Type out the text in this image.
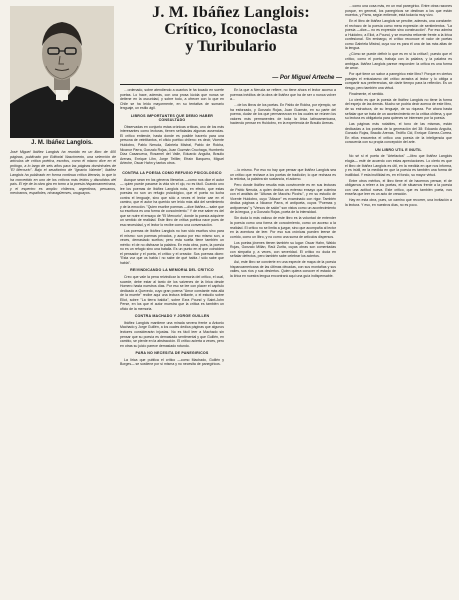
J. M. Ibáñez Langlois.
José Miguel Ibáñez Langlois ha reunido en un libro de 400 páginas, publicado por Editorial Nascimento, una selección de artículos de crítica poética, escritos, como él mismo dice en el prólogo, a lo largo de seis años para las páginas dominicales de "El Mercurio". Bajo el seudónimo de "Ignacio Valente", Ibáñez Langlois ha publicado en forma continua crítica literaria, lo que lo ha convertido en uno de los críticos más leídos y discutidos del país. El eje de la obra gira en torno a la poesía hispanoamericana, y el espectro es amplio: chilenos, argentinos, peruanos, mexicanos, españoles, nicaragüenses, uruguayos.
J. M. Ibáñez Langlois:
Crítico, Iconoclasta
y Turibulario
— Por Miguel Arteche —

…ordenado, sobre atendiendo a cuantos le ha tocado en suerte poetas. Lo hace, además, con una prosa lúcida que nunca se detiene en la oscuridad, y sobre todo, a ofrecer con lo que en Chile se ha leído mayormente, en su tentativa de sumario lenguaje, un estilo ágil.

LIBROS IMPORTANTES QUE DEBIO HABER CONSULTADO

Observadas en conjunto estas crónicas críticas, uno de los más interesantes como lecturas, tienen señaladas algunas ausencias. El crítico entiende, hasta donde es posible hacerlo para una persona de veintitantos, el oficio poético chileno: es decir, Vicente Huidobro, Pablo Neruda, Gabriela Mistral, Pablo de Rokha, Nicanor Parra, Gonzalo Rojas, Juan Guzmán Cruchaga, Humberto Díaz Casanueva, Rosamel del Valle, Eduardo Anguita, Braulio Arenas, Enrique Lihn, Jorge Teillier, Efraín Barquero, Miguel Arteche, Oscar Hahn y tantos otros.

En la que a Neruda se refiere, no tiene ahora el lector acceso a poemas inéditos de la obra de Ibáñez que ha de ser o nunca volver a…

…de los libros de los poetas. En Pablo de Rokha, por ejemplo, se ha esforzado, y Gonzalo Rojas, Juan Guzmán, en su parte del poema, dudar de los que permanezcan en los cuales se reúnen los valores más permanentes de toda la lírica latinoamericana, haciendo pensar en Huidobro, en la experiencia de Braulio Arenas.

CONTRA LA POESIA COMO REFUGIO PSICOLOGICO

Aunque sean en los géneros literarios —como nos dice el autor— quien puede pasarse la vida sin el ojo, no es fácil. Cuando uno lee los poemas de Ibáñez Langlois nota, en efecto, que estas poesías no son un refugio psicológico, que el poeta no lucha contra el lenguaje, sino que sólo a veces el lector cae en el camino, que el autor ha querido ser leído más allá del sentimiento y de la emoción. "Quien escribe poemas —dice Ibáñez— sabe que su escritura es una forma de conocimiento." Y de ese saber es del que se nutre el ensayo de "El Mercurio", donde la poesía adquiere un sentido de realidad. Este libro de crítica poética nace pues de esa necesidad, y el lector lo recibe como una conversación.

Los poemas de Ibáñez Langlois no han sido escritos sino para él mismo: son poemas privados, y acaso por eso mismo son, a veces, demasiado sueltos; pero esta suelta tiene también un mérito: el de no disfrazar la palabra. En esta obra, pues, la poesía no es un refugio sino una batalla. Es un punto en el que coinciden el pensador y el poeta, el crítico y el creador. Sus poemas dicen: "Esta voz que os habla / no sabe de qué habla / sólo sabe que habla".

REIVINDICANDO LA MEMORIA DEL CRITICO

Creo que vale la pena reivindicar la memoria del crítico, el cual, sucede, debe estar al tanto de los vaivenes de la lírica desde Homero hasta nuestros días. Por eso se lee con placer el capítulo dedicado a Quevedo, cuyo gran poema "Amor constante más allá de la muerte" recibe aquí una lectura brillante, o el estudio sobre Eliot, sobre "La tierra baldía", sobre Ezra Pound y Saint-John Perse, en los que el autor muestra que la crítica es también un oficio de la memoria.

CONTRA MACHADO Y JORGE GUILLEN

Ibáñez Langlois mantiene una mirada severa frente a Antonio Machado y Jorge Guillén, a los cuales dedica páginas que algunos lectores considerarán injustas. No es fácil leer a Machado sin pensar que su poesía es demasiado sentimental y que Guillén, en cambio, se pierde en la abstracción. El crítico acierta a veces, pero en otras su juicio parece demasiado rotundo.

PARA NO NECESITA DE PANEGIRICOS

La lírica que publica el crítico —como Machado, Guillén y Borges— se sostiene por sí misma y no necesita de panegíricos.

…lo mismo. Por eso no hay que pensar que Ibáñez Langlois sea un crítico que rechace a los poetas de tradición; lo que rechaza es la retórica, la palabra sin sustancia, el adorno.

Pero donde Ibáñez resulta más convincente es en sus lecturas de Pablo Neruda, a quien dedica un extenso ensayo que culmina con el análisis de "Alturas de Macchu Picchu", y en su estudio de Vicente Huidobro, cuyo "Altazor" es examinado con rigor. También dedica páginas a Nicanor Parra, el antipoeta, cuyos "Poemas y antipoemas" y "Versos de salón" son vistos como un acontecimiento de la lengua, y a Gonzalo Rojas, poeta de la intensidad.

Sin duda lo más valioso de este libro es la voluntad de entender la poesía como una forma de conocimiento, como un acceso a la realidad. El crítico no se limita a juzgar, sino que acompaña al lector en la aventura de leer. Por eso sus crónicas pueden leerse de corrido, como un libro, y no como una suma de artículos dispersos.

Los poetas jóvenes tienen también su lugar: Oscar Hahn, Waldo Rojas, Gonzalo Millán, Raúl Zurita, cuyas obras son comentadas con simpatía y, a veces, con severidad. El crítico no duda en señalar defectos, pero también sabe celebrar los aciertos.

Así, este libro se convierte en una especie de mapa de la poesía hispanoamericana de las últimas décadas, con sus montañas y sus valles, sus ríos y sus desiertos. Quien quiera conocer el estado de la lírica en nuestra lengua encontrará aquí una guía indispensable.

…como una cosa más, en un mal panegírico. Entre otras razones porque, en general, los panegíricos se destinan a los que están muertos, y Parra, según entiende, está todavía muy vivo.

En el libro de Ibáñez Langlois se percibe, además, una constante: el rechazo de la poesía como mera expresión de sentimientos. "La poesía —dice— no es expresión sino construcción". Por eso admira a Huidobro, a Eliot, a Pound, y se muestra reticente frente a la lírica confesional. Sin embargo, el crítico reconoce el valor de poetas como Gabriela Mistral, cuya voz es para él una de las más altas de la lengua.

¿Cómo se puede definir lo que es en sí la crítica?, puesto que el crítico, como el poeta, trabaja con la palabra, y la palabra es ambigua. Ibáñez Langlois parece responder: la crítica es una forma de amor.

Por qué tiene un sabor a panegírico este libro? Porque en ciertos pasajes el entusiasmo del crítico arrastra al lector y lo obliga a compartir sus preferencias, sin darle tiempo para la reflexión. Es un riesgo, pero también una virtud.

Finalmente, el sentido.

Lo cierto es que la poesía de Ibáñez Langlois no tiene la forma del espejo de las demás. Mucho se podría decir acerca de este libro, de su estructura, de su lenguaje, de su riqueza. Por ahora basta señalar que se trata de un acontecimiento en la crítica chilena, y que su lectura es obligatoria para quienes se interesen por la poesía.

Las páginas más notables, el tono de las mismas, están dedicadas a los poetas de la generación del 38: Eduardo Anguita, Gonzalo Rojas, Braulio Arenas, Teófilo Cid, Enrique Gómez-Correa. En ellos encuentra el crítico una poesía de la inteligencia que concuerda con su propia concepción del arte.

UN LIBRO UTIL E INUTIL

No sé si el poeta de "Artefactos" —libro que Ibáñez Langlois elogia— esté de acuerdo con estas apreciaciones. Lo cierto es que el libro de Ibáñez Langlois es útil, en la medida en que nos informa, y es inútil, en la medida en que la poesía es también una forma de inutilidad. Y esta inutilidad es, en el fondo, su mayor virtud.

Entre otros méritos, el libro tiene el de hacernos pensar, el de obligarnos a releer a los poetas, el de situarnos frente a la poesía con una actitud nueva. Este crítico, que es también poeta, nos enseña que leer es un acto de creación.

Hay en esta obra, pues, un camino que recorrer, una invitación a la lectura. Y eso, en nuestros días, no es poco.
